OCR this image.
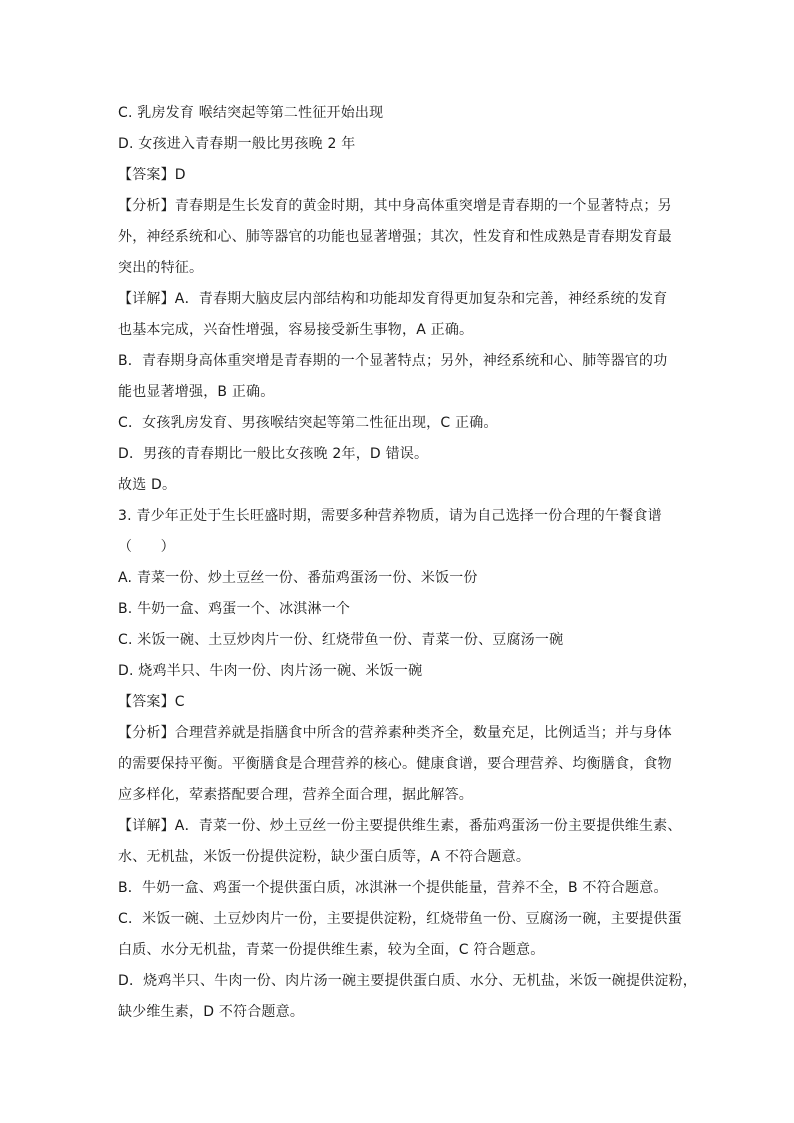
C. 乳房发育 喉结突起等第二性征开始出现
D. 女孩进入青春期一般比男孩晚 2 年
【答案】D
【分析】青春期是生长发育的黄金时期，其中身高体重突增是青春期的一个显著特点；另
外，神经系统和心、肺等器官的功能也显著增强；其次，性发育和性成熟是青春期发育最
突出的特征。
【详解】A．青春期大脑皮层内部结构和功能却发育得更加复杂和完善，神经系统的发育
也基本完成，兴奋性增强，容易接受新生事物，A 正确。
B．青春期身高体重突增是青春期的一个显著特点；另外，神经系统和心、肺等器官的功
能也显著增强，B 正确。
C．女孩乳房发育、男孩喉结突起等第二性征出现，C 正确。
D．男孩的青春期比一般比女孩晚 2年，D 错误。
故选 D。
3. 青少年正处于生长旺盛时期，需要多种营养物质，请为自己选择一份合理的午餐食谱
（　　）
A. 青菜一份、炒土豆丝一份、番茄鸡蛋汤一份、米饭一份
B. 牛奶一盒、鸡蛋一个、冰淇淋一个
C. 米饭一碗、土豆炒肉片一份、红烧带鱼一份、青菜一份、豆腐汤一碗
D. 烧鸡半只、牛肉一份、肉片汤一碗、米饭一碗
【答案】C
【分析】合理营养就是指膳食中所含的营养素种类齐全，数量充足，比例适当；并与身体
的需要保持平衡。平衡膳食是合理营养的核心。健康食谱，要合理营养、均衡膳食，食物
应多样化，荤素搭配要合理，营养全面合理，据此解答。
【详解】A．青菜一份、炒土豆丝一份主要提供维生素，番茄鸡蛋汤一份主要提供维生素、
水、无机盐，米饭一份提供淀粉，缺少蛋白质等，A 不符合题意。
B．牛奶一盒、鸡蛋一个提供蛋白质，冰淇淋一个提供能量，营养不全，B 不符合题意。
C．米饭一碗、土豆炒肉片一份，主要提供淀粉，红烧带鱼一份、豆腐汤一碗，主要提供蛋
白质、水分无机盐，青菜一份提供维生素，较为全面，C 符合题意。
D．烧鸡半只、牛肉一份、肉片汤一碗主要提供蛋白质、水分、无机盐，米饭一碗提供淀粉，
缺少维生素，D 不符合题意。
